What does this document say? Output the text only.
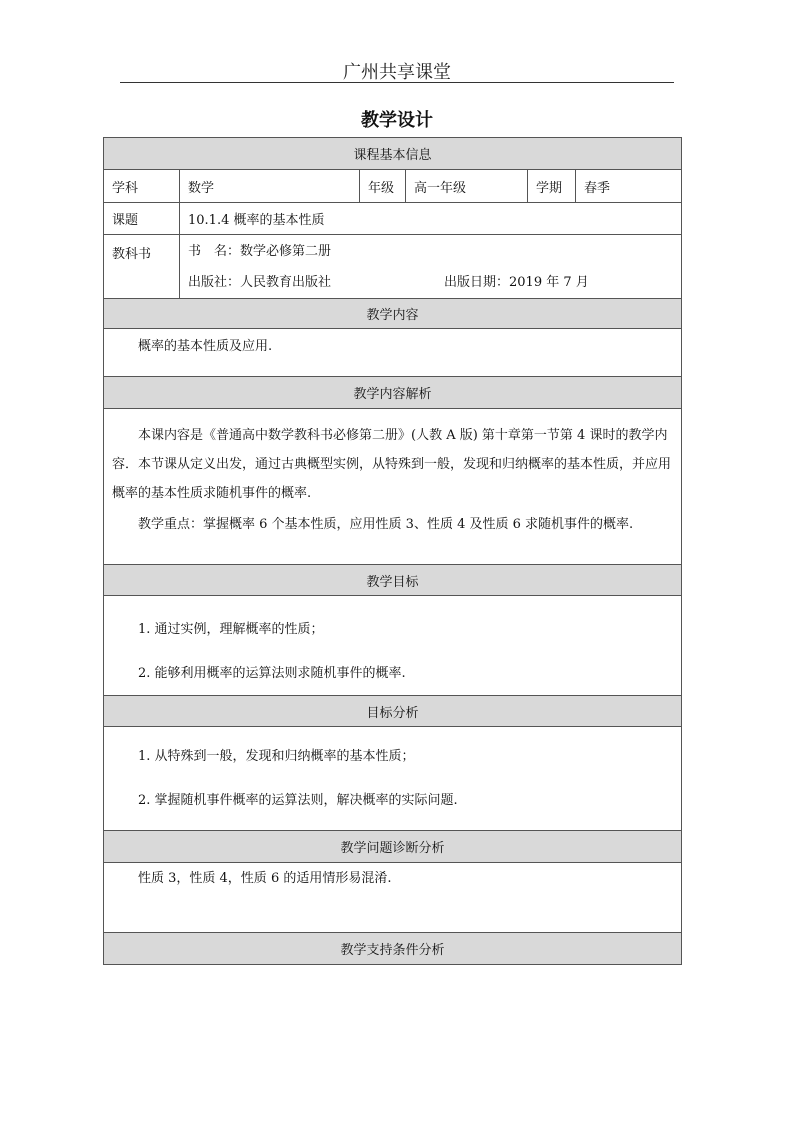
广州共享课堂
教学设计
课程基本信息					
学科	数学	年级	高一年级	学期	春季
课题	10.1.4 概率的基本性质				
教科书	书　名：数学必修第二册
出版社：人民教育出版社 出版日期：2019 年 7 月				

教学内容					

概率的基本性质及应用.					

教学内容解析					

本课内容是《普通高中数学教科书必修第二册》(人教 A 版) 第十章第一节第 4 课时的教学内容．本节课从定义出发，通过古典概型实例，从特殊到一般，发现和归纳概率的基本性质，并应用概率的基本性质求随机事件的概率.

教学重点：掌握概率 6 个基本性质，应用性质 3、性质 4 及性质 6 求随机事件的概率.					

教学目标					

1. 通过实例，理解概率的性质；
2. 能够利用概率的运算法则求随机事件的概率.					

目标分析					

1. 从特殊到一般，发现和归纳概率的基本性质；
2. 掌握随机事件概率的运算法则，解决概率的实际问题.					

教学问题诊断分析					

性质 3，性质 4，性质 6 的适用情形易混淆.					

教学支持条件分析					
